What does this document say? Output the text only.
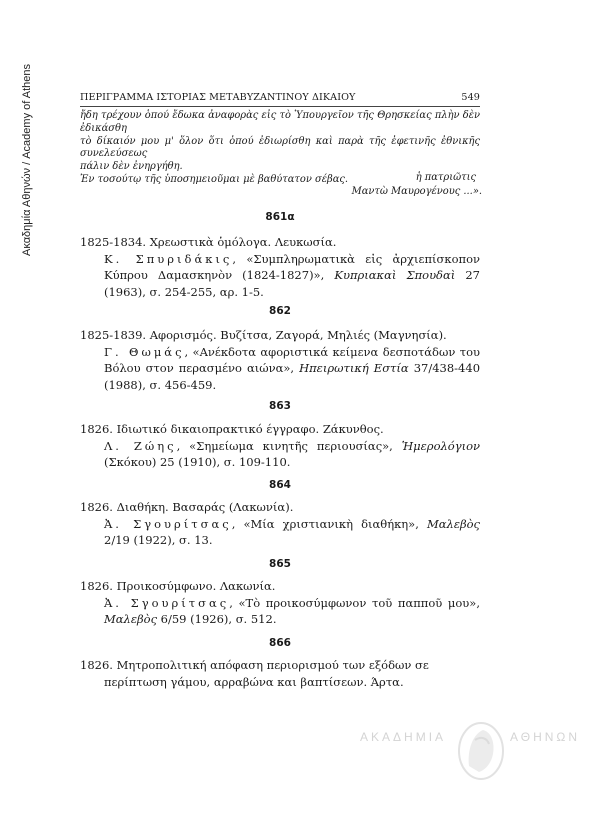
Ακαδημία Αθηνών / Academy of Athens	ΠΕΡΙΓΡΑΜΜΑ ΙΣΤΟΡΙΑΣ ΜΕΤΑΒΥΖΑΝΤΙΝΟΥ ΔΙΚΑΙΟΥ	549

ἤδη τρέχουν ὁπού ἔδωκα ἀναφορὰς εἰς τὸ Ὑπουργεῖον τῆς Θρησκείας πλὴν δὲν ἐδικάσθη

τὸ δίκαιόν μου μ' ὅλον ὅτι ὁπού ἐδιωρίσθη καὶ παρὰ τῆς ἐφετινῆς ἐθνικῆς συνελεύσεως

πάλιν δὲν ἐνηργήθη.

Ἐν τοσούτῳ τῆς ὑποσημειοῦμαι μὲ βαθύτατον σέβας.	ἡ πατριῶτις
Μαντὼ Μαυρογένους ...».
861α
1825-1834. Χρεωστικὰ ὁμόλογα. Λευκωσία.
Κ. Σπυριδάκις, «Συμπληρωματικὰ εἰς ἀρχιεπίσκοπον Κύπρου Δαμασκηνὸν (1824-1827)», Κυπριακαὶ Σπουδαὶ 27 (1963), σ. 254-255, αρ. 1-5.
862
1825-1839. Αφορισμός. Βυζίτσα, Ζαγορά, Μηλιές (Μαγνησία).
Γ. Θωμάς, «Ανέκδοτα αφοριστικά κείμενα δεσποτάδων του Βόλου στον περασμένο αιώνα», Ηπειρωτική Εστία 37/438-440 (1988), σ. 456-459.
863
1826. Ιδιωτικό δικαιοπρακτικό έγγραφο. Ζάκυνθος.
Λ. Ζώης, «Σημείωμα κινητῆς περιουσίας», Ἡμερολόγιον (Σκόκου) 25 (1910), σ. 109-110.
864
1826. Διαθήκη. Βασαράς (Λακωνία).
Ἀ. Σγουρίτσας, «Μία χριστιανικὴ διαθήκη», Μαλεβὸς 2/19 (1922), σ. 13.
865
1826. Προικοσύμφωνο. Λακωνία.
Ἀ. Σγουρίτσας, «Τὸ προικοσύμφωνον τοῦ παπποῦ μου», Μαλεβὸς 6/59 (1926), σ. 512.
866
1826. Μητροπολιτική απόφαση περιορισμού των εξόδων σε περίπτωση γάμου, αρραβώνα και βαπτίσεων. Άρτα.
ΑΚΑΔΗΜΙΑ	ΑΘΗΝΩΝ
